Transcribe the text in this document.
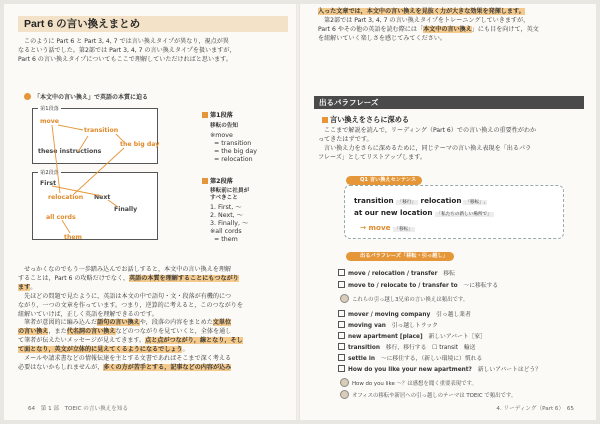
Part 6 の言い換えまとめ
このように Part 6 と Part 3, 4, 7 では言い換えタイプが異なり，視点が異
なるという話でした。第2部では Part 3, 4, 7 の言い換えタイプを扱いますが，
Part 6 の言い換えタイプについてもここで理解していただければと思います。
「本文中の言い換え」で英語の本質に迫る
第1段落
第2段落
move
transition
these instructions
the big day
First
relocation Next
Finally
all cords
them
第1段落
移転の告知
※move
= transition
= the big day
= relocation
第2段落
移転前に社員が
すべきこと
1. First, ～
2. Next, ～
3. Finally, ～
※all cords
= them
せっかくなのでもう一歩踏み込んでお話しすると，本文中の言い換えを理解
することは，Part 6 の攻略だけでなく，英語の本質を理解することにもつながり
ます。
先ほどの問題で見たように，英語は本文の中で語句・文・段落が有機的につ
ながり，一つの文章を作っています。つまり，逆算的に考えると，このつながりを
紐解いていけば，正しく英語を理解できるのです。
筆者が意図的に編み込んだ語句の言い換えや，段落の内容をまとめた文単位
の言い換え，また代名詞の言い換えなどのつながりを見ていくと，全体を通し
て筆者が伝えたいメッセージが見えてきます。点と点がつながり，線となり，そし
て面となり，英文が立体的に見えてくるようになるでしょう。
メールや請求書などの情報伝達を主とする文書であればそこまで深く考える
必要はないかもしれませんが，多くの方が苦手とする，記事などの内容が込み
64　第 1 部　TOEIC の言い換えを知る
入った文章では，本文中の言い換えを見抜く力が大きな効果を発揮します。
第2部では Part 3, 4, 7 の言い換えタイプをトレーニングしていきますが，
Part 6 やその他の英語を読む際には「本文中の言い換え」にも目を向けて，英文
を紐解いていく楽しさを感じてみてください。
出るパラフレーズ
言い換えをさらに深める
ここまで解説を読んで，リーディング（Part 6）での言い換えの重要性がわか
ってきたはずです。
言い換え力をさらに深めるために，同じテーマの言い換え表現を「出るパラ
フレーズ」としてリストアップします。
Q1 言い換えセンテンス
transition 「移行」 relocation 「移転」,
at our new location 「私たちの新しい場所で」
→ move 「移転」
出るパラフレーズ「移転・引っ越し」
move / relocation / transfer　 移転
move to / relocate to / transfer to　 ～に移転する
これらの引っ越し3兄弟の言い換えは頻出です。
mover / moving company　 引っ越し業者
moving van　 引っ越しトラック
new apartment [place]　 新しいアパート［家］
transition　 移行，移行する　☐ transit　輸送
settle in　 ～に移住する，（新しい環境に）慣れる
How do you like your new apartment?　 新しいアパートはどう？
How do you like ～？は感想を聞く重要表現です。
オフィスの移転や新居への引っ越しのテーマは TOEIC で頻出です。
4. リーディング（Part 6）　65
